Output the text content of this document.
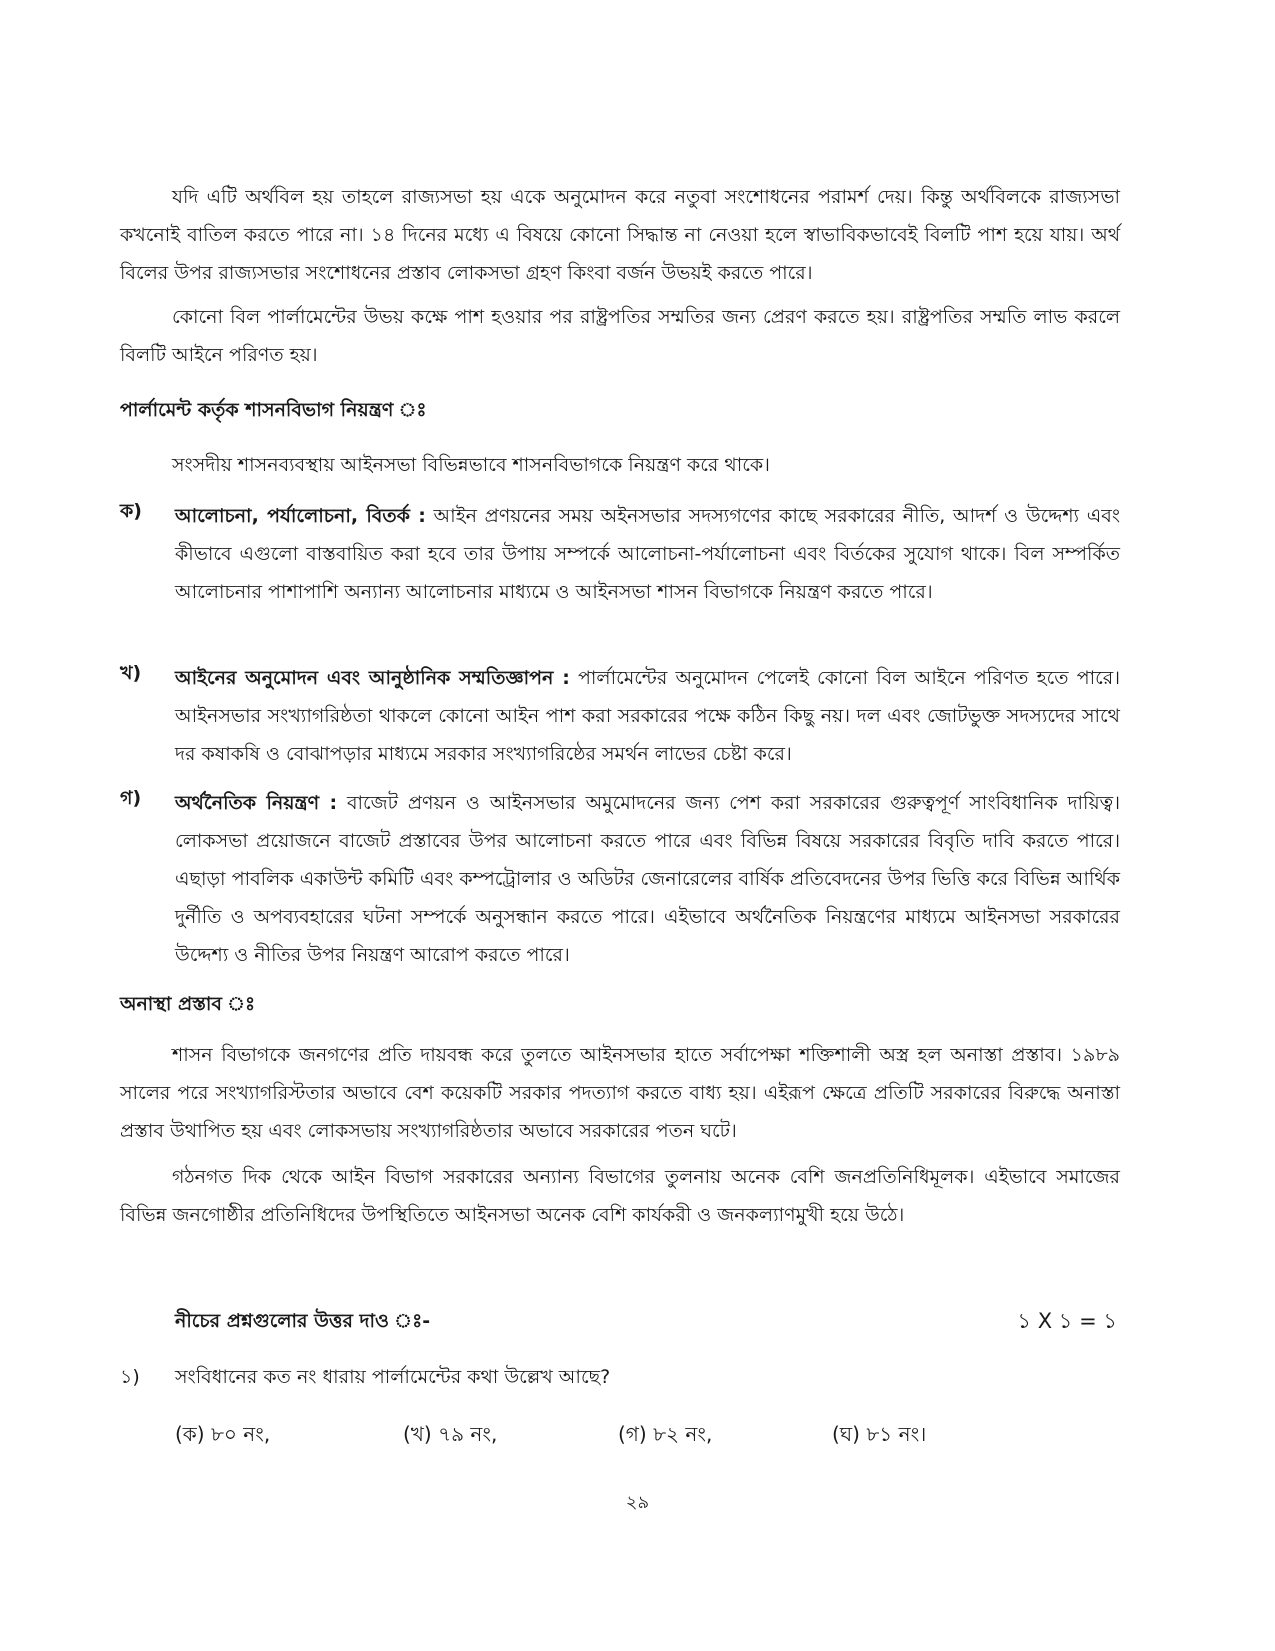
যদি এটি অর্থবিল হয় তাহলে রাজ্যসভা হয় একে অনুমোদন করে নতুবা সংশোধনের পরামর্শ দেয়। কিন্তু অর্থবিলকে রাজ্যসভা কখনোই বাতিল করতে পারে না। ১৪ দিনের মধ্যে এ বিষয়ে কোনো সিদ্ধান্ত না নেওয়া হলে স্বাভাবিকভাবেই বিলটি পাশ হয়ে যায়। অর্থ বিলের উপর রাজ্যসভার সংশোধনের প্রস্তাব লোকসভা গ্রহণ কিংবা বর্জন উভয়ই করতে পারে।

কোনো বিল পার্লামেন্টের উভয় কক্ষে পাশ হওয়ার পর রাষ্ট্রপতির সম্মতির জন্য প্রেরণ করতে হয়। রাষ্ট্রপতির সম্মতি লাভ করলে বিলটি আইনে পরিণত হয়।

পার্লামেন্ট কর্তৃক শাসনবিভাগ নিয়ন্ত্রণ ঃ

সংসদীয় শাসনব্যবস্থায় আইনসভা বিভিন্নভাবে শাসনবিভাগকে নিয়ন্ত্রণ করে থাকে।

ক) আলোচনা, পর্যালোচনা, বিতর্ক : আইন প্রণয়নের সময় অইনসভার সদস্যগণের কাছে সরকারের নীতি, আদর্শ ও উদ্দেশ্য এবং কীভাবে এগুলো বাস্তবায়িত করা হবে তার উপায় সম্পর্কে আলোচনা-পর্যালোচনা এবং বির্তকের সুযোগ থাকে। বিল সম্পর্কিত আলোচনার পাশাপাশি অন্যান্য আলোচনার মাধ্যমে ও আইনসভা শাসন বিভাগকে নিয়ন্ত্রণ করতে পারে।

খ) আইনের অনুমোদন এবং আনুষ্ঠানিক সম্মতিজ্ঞাপন : পার্লামেন্টের অনুমোদন পেলেই কোনো বিল আইনে পরিণত হতে পারে। আইনসভার সংখ্যাগরিষ্ঠতা থাকলে কোনো আইন পাশ করা সরকারের পক্ষে কঠিন কিছু নয়। দল এবং জোটভুক্ত সদস্যদের সাথে দর কষাকষি ও বোঝাপড়ার মাধ্যমে সরকার সংখ্যাগরিষ্ঠের সমর্থন লাভের চেষ্টা করে।

গ) অর্থনৈতিক নিয়ন্ত্রণ : বাজেট প্রণয়ন ও আইনসভার অমুমোদনের জন্য পেশ করা সরকারের গুরুত্বপূর্ণ সাংবিধানিক দায়িত্ব। লোকসভা প্রয়োজনে বাজেট প্রস্তাবের উপর আলোচনা করতে পারে এবং বিভিন্ন বিষয়ে সরকারের বিবৃতি দাবি করতে পারে। এছাড়া পাবলিক একাউন্ট কমিটি এবং কম্পট্রোলার ও অডিটর জেনারেলের বার্ষিক প্রতিবেদনের উপর ভিত্তি করে বিভিন্ন আর্থিক দুর্নীতি ও অপব্যবহারের ঘটনা সম্পর্কে অনুসন্ধান করতে পারে। এইভাবে অর্থনৈতিক নিয়ন্ত্রণের মাধ্যমে আইনসভা সরকারের উদ্দেশ্য ও নীতির উপর নিয়ন্ত্রণ আরোপ করতে পারে।

অনাস্থা প্রস্তাব ঃ

শাসন বিভাগকে জনগণের প্রতি দায়বন্ধ করে তুলতে আইনসভার হাতে সর্বাপেক্ষা শক্তিশালী অস্ত্র হল অনাস্তা প্রস্তাব। ১৯৮৯ সালের পরে সংখ্যাগরিস্টতার অভাবে বেশ কয়েকটি সরকার পদত্যাগ করতে বাধ্য হয়। এইরূপ ক্ষেত্রে প্রতিটি সরকারের বিরুদ্ধে অনাস্তা প্রস্তাব উথাপিত হয় এবং লোকসভায় সংখ্যাগরিষ্ঠতার অভাবে সরকারের পতন ঘটে।

গঠনগত দিক থেকে আইন বিভাগ সরকারের অন্যান্য বিভাগের তুলনায় অনেক বেশি জনপ্রতিনিধিমূলক। এইভাবে সমাজের বিভিন্ন জনগোষ্ঠীর প্রতিনিধিদের উপস্থিতিতে আইনসভা অনেক বেশি কার্যকরী ও জনকল্যাণমুখী হয়ে উঠে।

নীচের প্রশ্নগুলোর উত্তর দাও ঃ-	১ X ১ = ১
১) সংবিধানের কত নং ধারায় পার্লামেন্টের কথা উল্লেখ আছে?
(ক) ৮০ নং,	(খ) ৭৯ নং,	(গ) ৮২ নং,	(ঘ) ৮১ নং।
২৯
